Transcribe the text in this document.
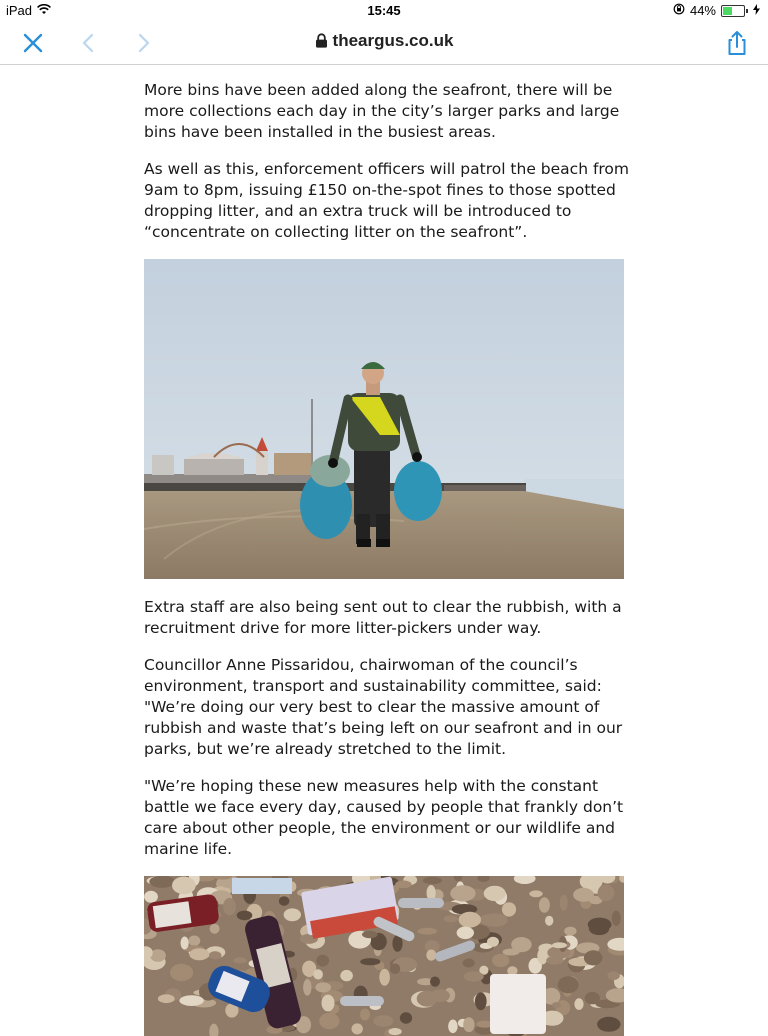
iPad	15:45	44%
theargus.co.uk

More bins have been added along the seafront, there will be more collections each day in the city’s larger parks and large bins have been installed in the busiest areas.

As well as this, enforcement officers will patrol the beach from 9am to 8pm, issuing £150 on-the-spot fines to those spotted dropping litter, and an extra truck will be introduced to “concentrate on collecting litter on the seafront”.

Extra staff are also being sent out to clear the rubbish, with a recruitment drive for more litter-pickers under way.

Councillor Anne Pissaridou, chairwoman of the council’s environment, transport and sustainability committee, said: "We’re doing our very best to clear the massive amount of rubbish and waste that’s being left on our seafront and in our parks, but we’re already stretched to the limit.

"We’re hoping these new measures help with the constant battle we face every day, caused by people that frankly don’t care about other people, the environment or our wildlife and marine life.
